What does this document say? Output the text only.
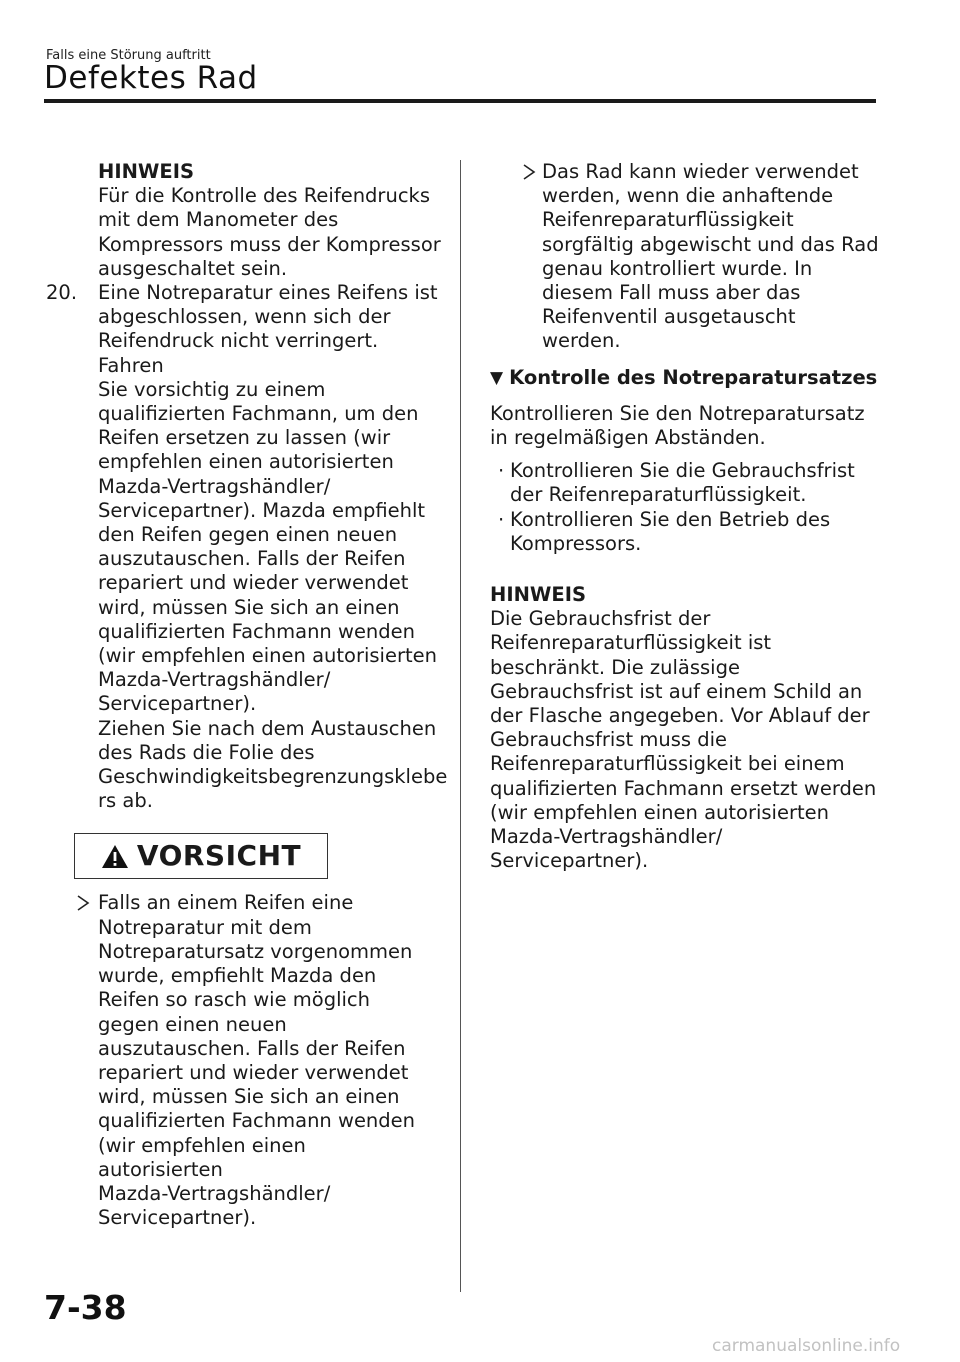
Falls eine Störung auftritt
Defektes Rad
HINWEIS
Für die Kontrolle des Reifendrucks
mit dem Manometer des
Kompressors muss der Kompressor
ausgeschaltet sein.
20. Eine Notreparatur eines Reifens ist
abgeschlossen, wenn sich der
Reifendruck nicht verringert. Fahren
Sie vorsichtig zu einem
qualifizierten Fachmann, um den
Reifen ersetzen zu lassen (wir
empfehlen einen autorisierten
Mazda-Vertragshändler/
Servicepartner). Mazda empfiehlt
den Reifen gegen einen neuen
auszutauschen. Falls der Reifen
repariert und wieder verwendet
wird, müssen Sie sich an einen
qualifizierten Fachmann wenden
(wir empfehlen einen autorisierten
Mazda-Vertragshändler/
Servicepartner).
Ziehen Sie nach dem Austauschen
des Rads die Folie des
Geschwindigkeitsbegrenzungsklebe
rs ab.
VORSICHT
Falls an einem Reifen eine
Notreparatur mit dem
Notreparatursatz vorgenommen
wurde, empfiehlt Mazda den
Reifen so rasch wie möglich
gegen einen neuen
auszutauschen. Falls der Reifen
repariert und wieder verwendet
wird, müssen Sie sich an einen
qualifizierten Fachmann wenden
(wir empfehlen einen
autorisierten
Mazda-Vertragshändler/
Servicepartner).
Das Rad kann wieder verwendet
werden, wenn die anhaftende
Reifenreparaturflüssigkeit
sorgfältig abgewischt und das Rad
genau kontrolliert wurde. In
diesem Fall muss aber das
Reifenventil ausgetauscht
werden.
▼ Kontrolle des Notreparatursatzes
Kontrollieren Sie den Notreparatursatz
in regelmäßigen Abständen.
· Kontrollieren Sie die Gebrauchsfrist
der Reifenreparaturflüssigkeit.
· Kontrollieren Sie den Betrieb des
Kompressors.
HINWEIS
Die Gebrauchsfrist der
Reifenreparaturflüssigkeit ist
beschränkt. Die zulässige
Gebrauchsfrist ist auf einem Schild an
der Flasche angegeben. Vor Ablauf der
Gebrauchsfrist muss die
Reifenreparaturflüssigkeit bei einem
qualifizierten Fachmann ersetzt werden
(wir empfehlen einen autorisierten
Mazda-Vertragshändler/
Servicepartner).
7-38
carmanualsonline.info
